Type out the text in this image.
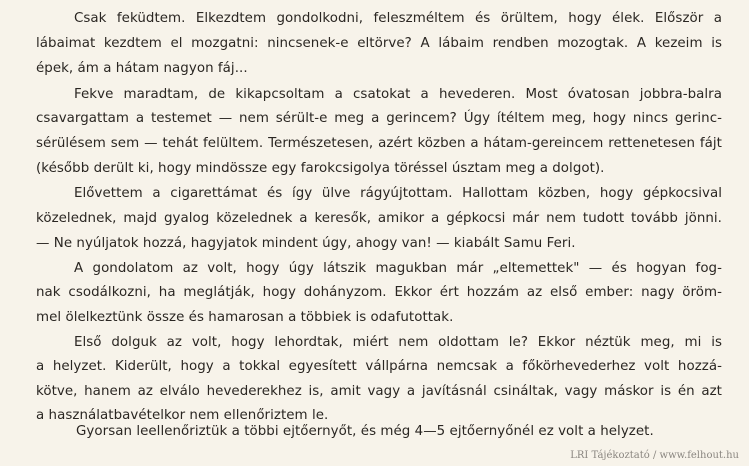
Csak feküdtem. Elkezdtem gondolkodni, feleszméltem és örültem, hogy élek. Először a
lábaimat kezdtem el mozgatni: nincsenek-e eltörve? A lábaim rendben mozogtak. A kezeim is
épek, ám a hátam nagyon fáj...
Fekve maradtam, de kikapcsoltam a csatokat a hevederen. Most óvatosan jobbra-balra
csavargattam a testemet — nem sérült-e meg a gerincem? Úgy ítéltem meg, hogy nincs gerinc-
sérülésem sem — tehát felültem. Természetesen, azért közben a hátam-gereincem rettenetesen fájt
(később derült ki, hogy mindössze egy farokcsigolya töréssel úsztam meg a dolgot).
Elővettem a cigarettámat és így ülve rágyújtottam. Hallottam közben, hogy gépkocsival
közelednek, majd gyalog közelednek a keresők, amikor a gépkocsi már nem tudott tovább jönni.
— Ne nyúljatok hozzá, hagyjatok mindent úgy, ahogy van! — kiabált Samu Feri.
A gondolatom az volt, hogy úgy látszik magukban már „eltemettek" — és hogyan fog-
nak csodálkozni, ha meglátják, hogy dohányzom. Ekkor ért hozzám az első ember: nagy öröm-
mel ölelkeztünk össze és hamarosan a többiek is odafutottak.
Első dolguk az volt, hogy lehordtak, miért nem oldottam le? Ekkor néztük meg, mi is
a helyzet. Kiderült, hogy a tokkal egyesített vállpárna nemcsak a főkörhevederhez volt hozzá-
kötve, hanem az elválo hevederekhez is, amit vagy a javításnál csináltak, vagy máskor is én azt
a használatbavételkor nem ellenőriztem le.
Gyorsan leellenőriztük a többi ejtőernyőt, és még 4—5 ejtőernyőnél ez volt a helyzet.
LRI Tájékoztató / www.felhout.hu
